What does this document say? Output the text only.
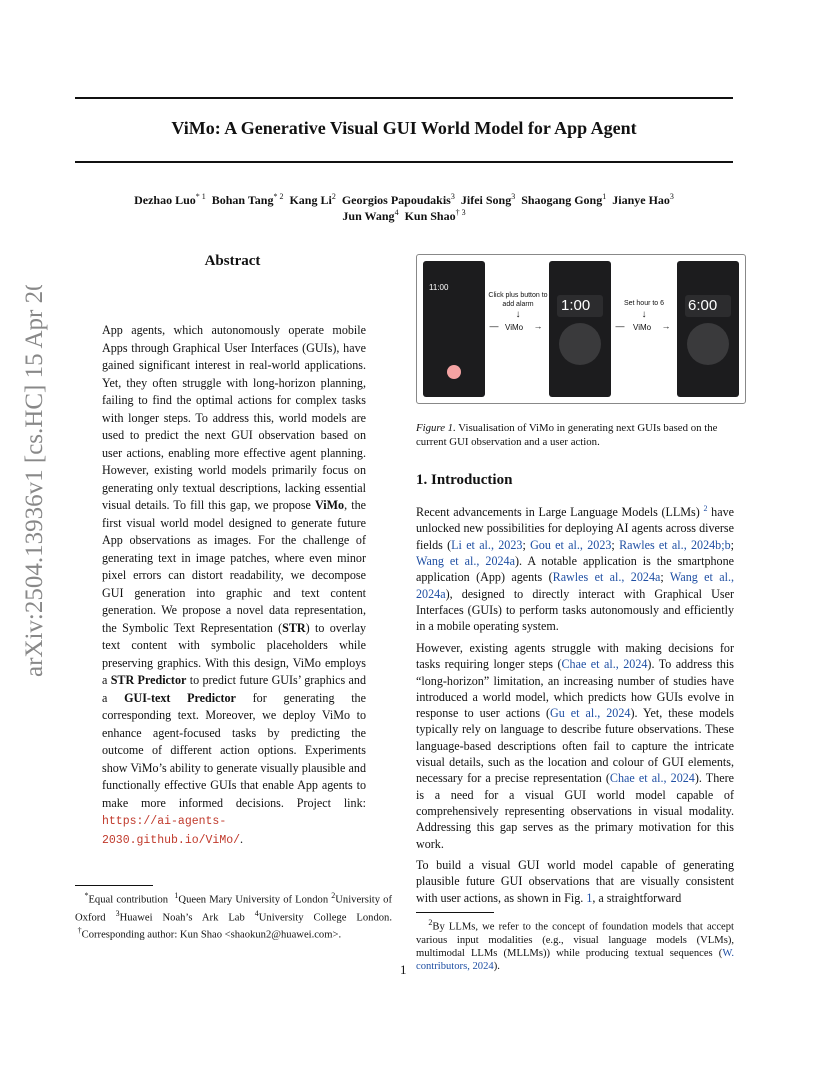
arXiv:2504.13936v1 [cs.HC] 15 Apr 2025
ViMo: A Generative Visual GUI World Model for App Agent
Dezhao Luo$^{* 1}$ Bohan Tang$^{* 2}$ Kang Li$^2$ Georgios Papoudakis$^3$ Jifei Song$^3$ Shaogang Gong$^1$ Jianye Hao$^3$
Jun Wang$^4$ Kun Shao$^{\dagger 3}$
Abstract
App agents, which autonomously operate mobile Apps through Graphical User Interfaces (GUIs), have gained significant interest in real-world applications. Yet, they often struggle with long-horizon planning, failing to find the optimal actions for complex tasks with longer steps. To address this, world models are used to predict the next GUI observation based on user actions, enabling more effective agent planning. However, existing world models primarily focus on generating only textual descriptions, lacking essential visual details. To fill this gap, we propose ViMo, the first visual world model designed to generate future App observations as images. For the challenge of generating text in image patches, where even minor pixel errors can distort readability, we decompose GUI generation into graphic and text content generation. We propose a novel data representation, the Symbolic Text Representation (STR) to overlay text content with symbolic placeholders while preserving graphics. With this design, ViMo employs a STR Predictor to predict future GUIs’ graphics and a GUI-text Predictor for generating the corresponding text. Moreover, we deploy ViMo to enhance agent-focused tasks by predicting the outcome of different action options. Experiments show ViMo’s ability to generate visually plausible and functionally effective GUIs that enable App agents to make more informed decisions. Project link: https://ai-agents-2030.github.io/ViMo/.
*Equal contribution $^1$Queen Mary University of London $^2$University of Oxford $^3$Huawei Noah’s Ark Lab $^4$University College London.  †Corresponding author: Kun Shao <shaokun2@huawei.com>.
11:00
Click plus button to add alarm
↓
ViMo
—	→
1:00	Set hour to 6
↓
ViMo
—	→
6:00
Figure 1. Visualisation of ViMo in generating next GUIs based on the current GUI observation and a user action.
1. Introduction

Recent advancements in Large Language Models (LLMs) $^2$ have unlocked new possibilities for deploying AI agents across diverse fields (Li et al., 2023; Gou et al., 2023; Rawles et al., 2024b;b; Wang et al., 2024a). A notable application is the smartphone application (App) agents (Rawles et al., 2024a; Wang et al., 2024a), designed to directly interact with Graphical User Interfaces (GUIs) to perform tasks autonomously and efficiently in a mobile operating system.

However, existing agents struggle with making decisions for tasks requiring longer steps (Chae et al., 2024). To address this “long-horizon” limitation, an increasing number of studies have introduced a world model, which predicts how GUIs evolve in response to user actions (Gu et al., 2024). Yet, these models typically rely on language to describe future observations. These language-based descriptions often fail to capture the intricate visual details, such as the location and colour of GUI elements, necessary for a precise representation (Chae et al., 2024). There is a need for a visual GUI world model capable of comprehensively representing observations in visual modality. Addressing this gap serves as the primary motivation for this work.

To build a visual GUI world model capable of generating plausible future GUI observations that are visually consistent with user actions, as shown in Fig. 1, a straightforward

$^2$By LLMs, we refer to the concept of foundation models that accept various input modalities (e.g., visual language models (VLMs), multimodal LLMs (MLLMs)) while producing textual sequences (W. contributors, 2024).
1
